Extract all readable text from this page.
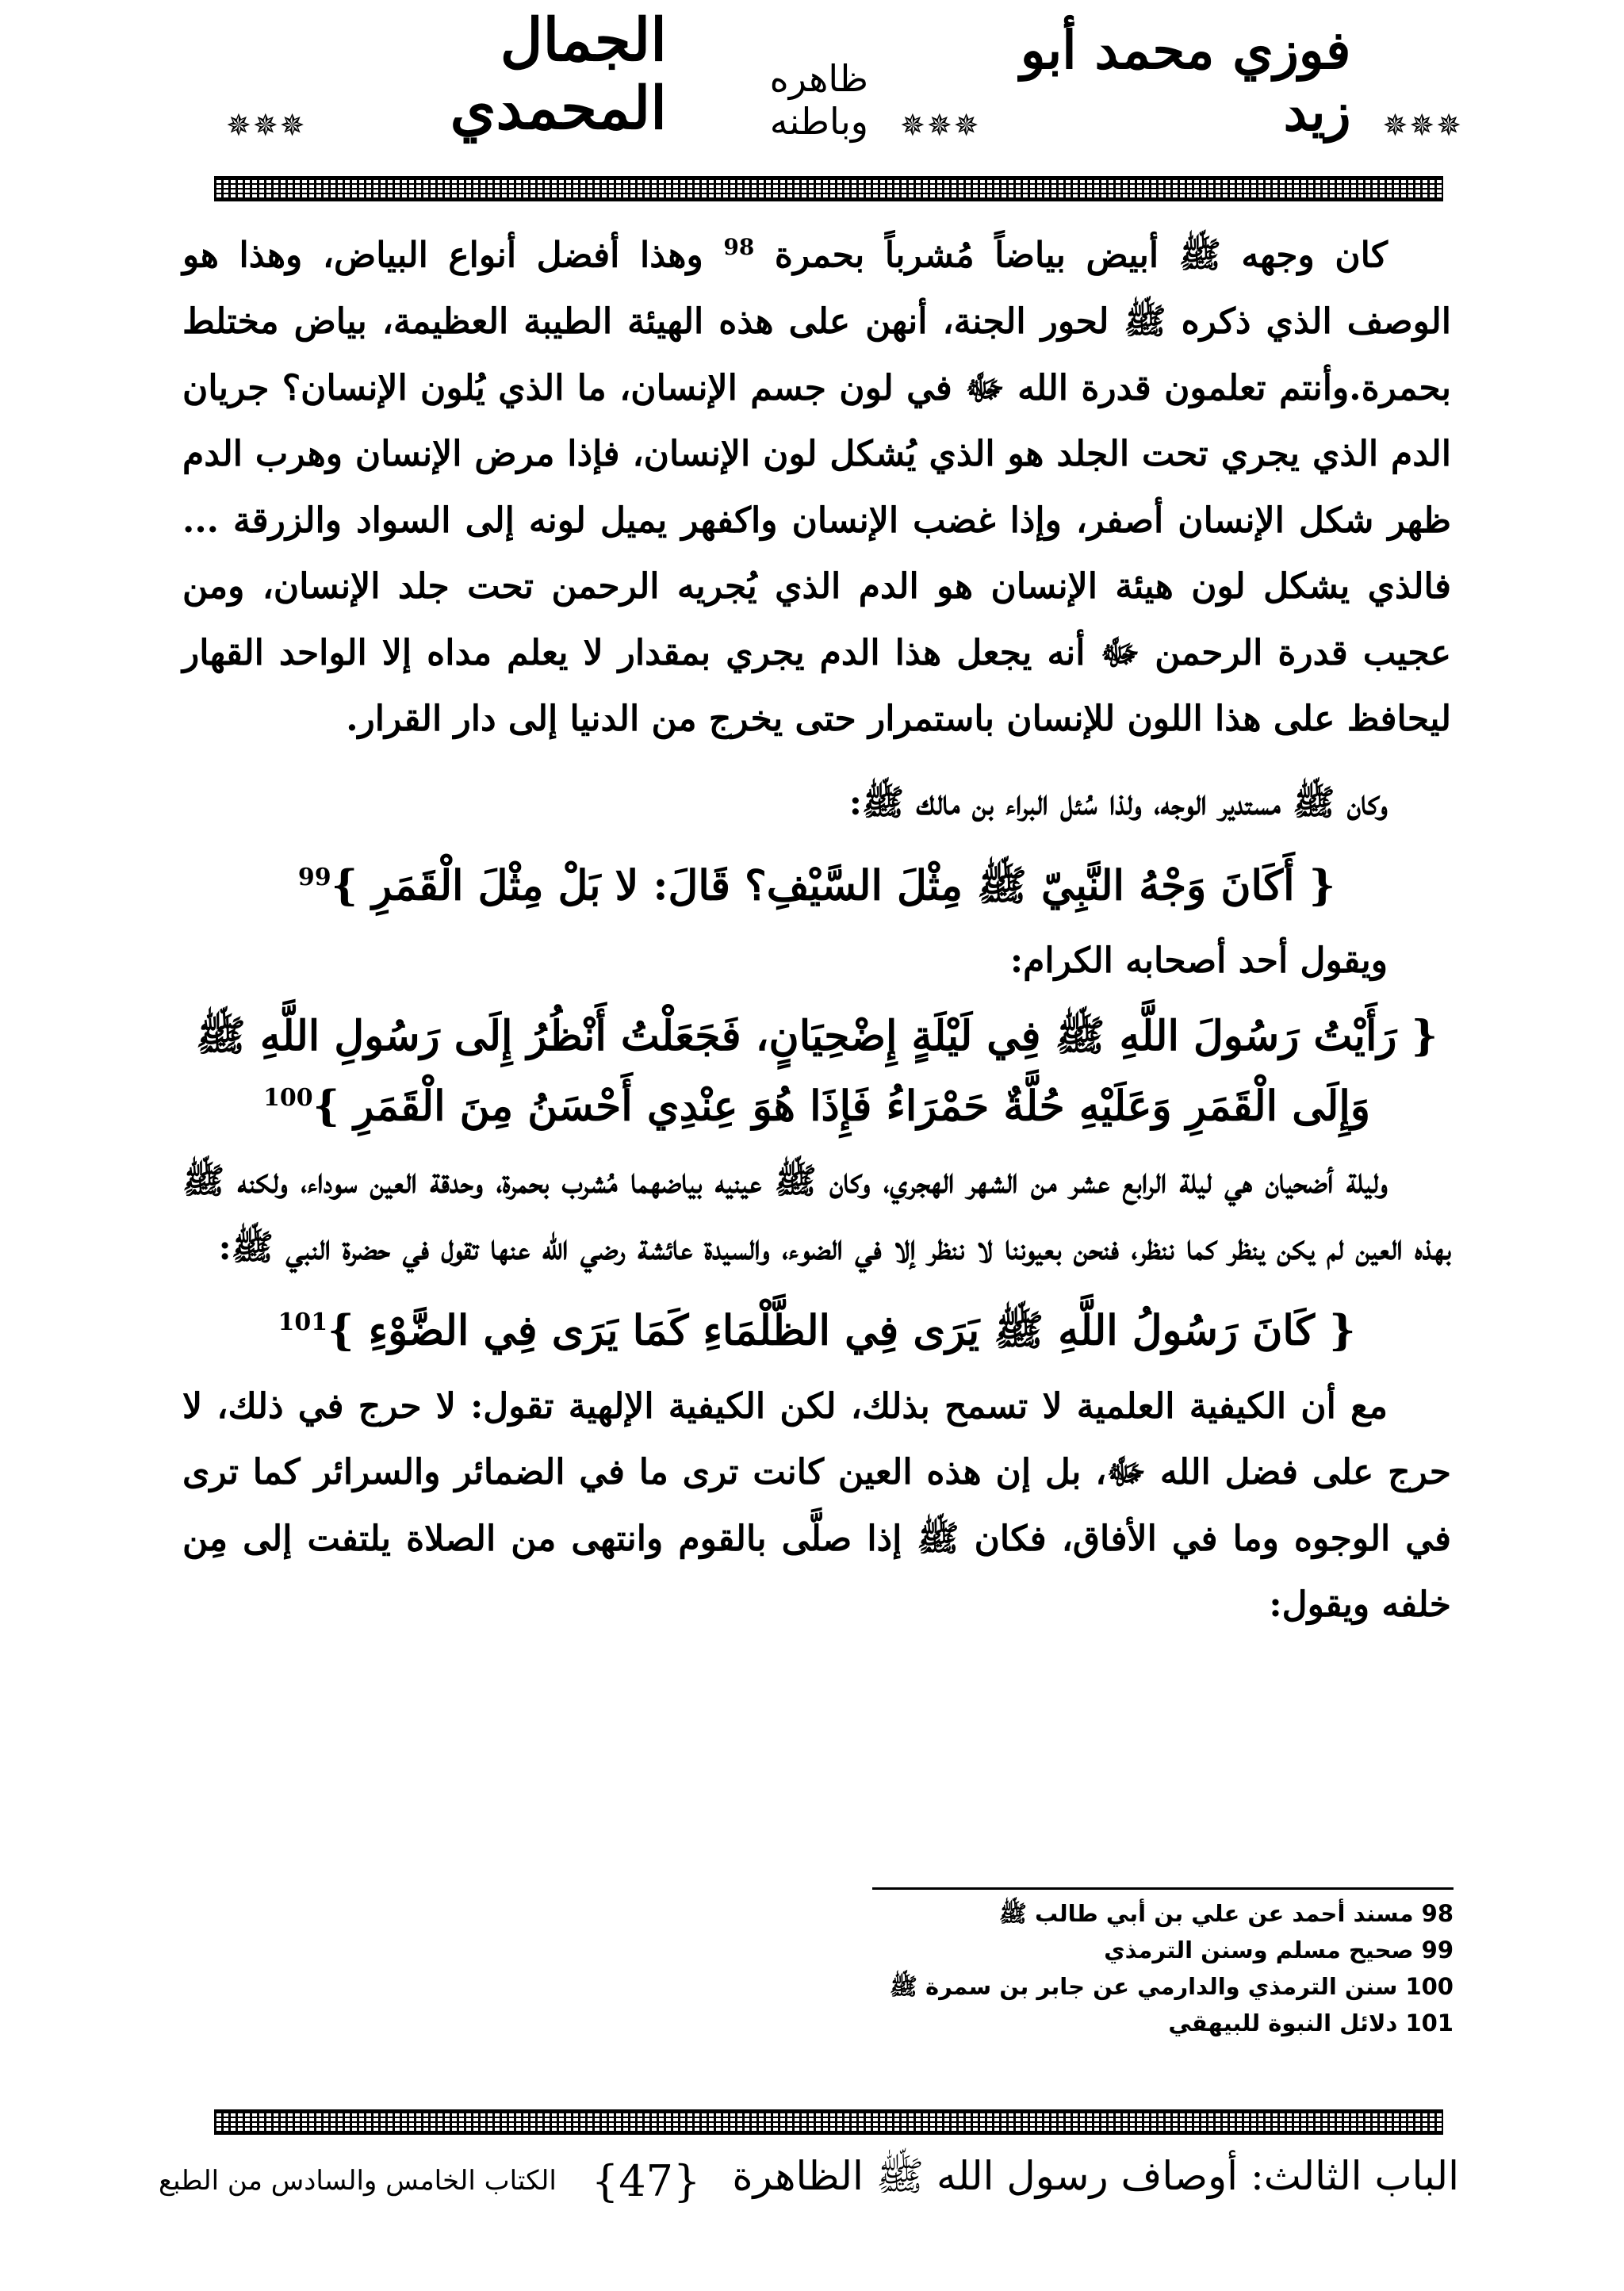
✵✵✵
فوزي محمد أبو زيد
✵✵✵
ظاهره وباطنه
الجمال المحمدي
✵✵✵

كان وجهه ﷺ أبيض بياضاً مُشرباً بحمرة $^{98}$ وهذا أفضل أنواع البياض، وهذا هو الوصف الذي ذكره ﷺ لحور الجنة، أنهن على هذه الهيئة الطيبة العظيمة، بياض مختلط بحمرة.وأنتم تعلمون قدرة الله ﷻ في لون جسم الإنسان، ما الذي يُلون الإنسان؟ جريان الدم الذي يجري تحت الجلد هو الذي يُشكل لون الإنسان، فإذا مرض الإنسان وهرب الدم ظهر شكل الإنسان أصفر، وإذا غضب الإنسان واكفهر يميل لونه إلى السواد والزرقة ... فالذي يشكل لون هيئة الإنسان هو الدم الذي يُجريه الرحمن تحت جلد الإنسان، ومن عجيب قدرة الرحمن ﷻ أنه يجعل هذا الدم يجري بمقدار لا يعلم مداه إلا الواحد القهار ليحافظ على هذا اللون للإنسان باستمرار حتى يخرج من الدنيا إلى دار القرار.

وكان ﷺ مستدير الوجه، ولذا سُئل البراء بن مالك ﷺ:

{ أَكَانَ وَجْهُ النَّبِيّ ﷺ مِثْلَ السَّيْفِ؟ قَالَ: لا بَلْ مِثْلَ الْقَمَرِ }$^{99}$

ويقول أحد أصحابه الكرام:

{ رَأَيْتُ رَسُولَ اللَّهِ ﷺ فِي لَيْلَةٍ إِضْحِيَانٍ، فَجَعَلْتُ أَنْظُرُ إِلَى رَسُولِ اللَّهِ ﷺ وَإِلَى الْقَمَرِ وَعَلَيْهِ حُلَّةٌ حَمْرَاءُ فَإِذَا هُوَ عِنْدِي أَحْسَنُ مِنَ الْقَمَرِ }$^{100}$

وليلة أضحيان هي ليلة الرابع عشر من الشهر الهجري، وكان ﷺ عينيه بياضهما مُشرب بحمرة، وحدقة العين سوداء، ولكنه ﷺ بهذه العين لم يكن ينظر كما ننظر، فنحن بعيوننا لا ننظر إلا في الضوء، والسيدة عائشة رضي الله عنها تقول في حضرة النبي ﷺ:

{ كَانَ رَسُولُ اللَّهِ ﷺ يَرَى فِي الظَّلْمَاءِ كَمَا يَرَى فِي الضَّوْءِ }$^{101}$

مع أن الكيفية العلمية لا تسمح بذلك، لكن الكيفية الإلهية تقول: لا حرج في ذلك، لا حرج على فضل الله ﷻ، بل إن هذه العين كانت ترى ما في الضمائر والسرائر كما ترى في الوجوه وما في الأفاق، فكان ﷺ إذا صلَّى بالقوم وانتهى من الصلاة يلتفت إلى مِن خلفه ويقول:

98 مسند أحمد عن علي بن أبي طالب ﷺ
99 صحيح مسلم وسنن الترمذي
100 سنن الترمذي والدارمي عن جابر بن سمرة ﷺ
101 دلائل النبوة للبيهقي
الباب الثالث: أوصاف رسول الله ﷺ الظاهرة
{47}
الكتاب الخامس والسادس من الطبع
